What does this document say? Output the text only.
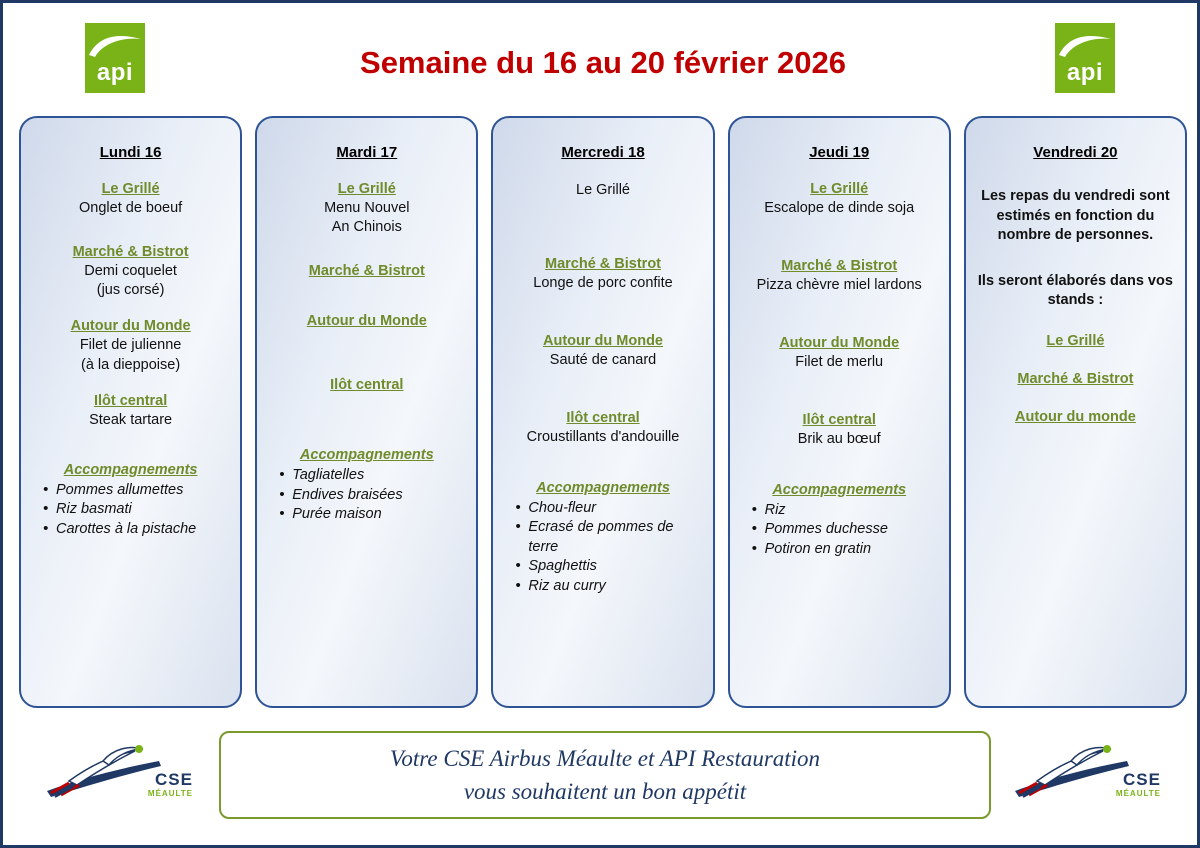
api	Semaine du 16 au 20 février 2026	api
Lundi 16
Le Grillé
Onglet de boeuf
Marché & Bistrot
Demi coquelet
(jus corsé)
Autour du Monde
Filet de julienne
(à la dieppoise)
Ilôt central
Steak tartare
Accompagnements
• Pommes allumettes
• Riz basmati
• Carottes à la pistache
Mardi 17
Le Grillé
Menu Nouvel
An Chinois
Marché & Bistrot
Autour du Monde
Ilôt central
Accompagnements
• Tagliatelles
• Endives braisées
• Purée maison
Mercredi 18
Le Grillé
Marché & Bistrot
Longe de porc confite
Autour du Monde
Sauté de canard
Ilôt central
Croustillants d'andouille
Accompagnements
• Chou-fleur
• Ecrasé de pommes de terre
• Spaghettis
• Riz au curry
Jeudi 19
Le Grillé
Escalope de dinde soja
Marché & Bistrot
Pizza chèvre miel lardons
Autour du Monde
Filet de merlu
Ilôt central
Brik au bœuf
Accompagnements
• Riz
• Pommes duchesse
• Potiron en gratin
Vendredi 20
Les repas du vendredi sont estimés en fonction du nombre de personnes.
Ils seront élaborés dans vos stands :
Le Grillé
Marché & Bistrot
Autour du monde
CSE
MÉAULTE
Votre CSE Airbus Méaulte et API Restauration
vous souhaitent un bon appétit	CSE
MÉAULTE
